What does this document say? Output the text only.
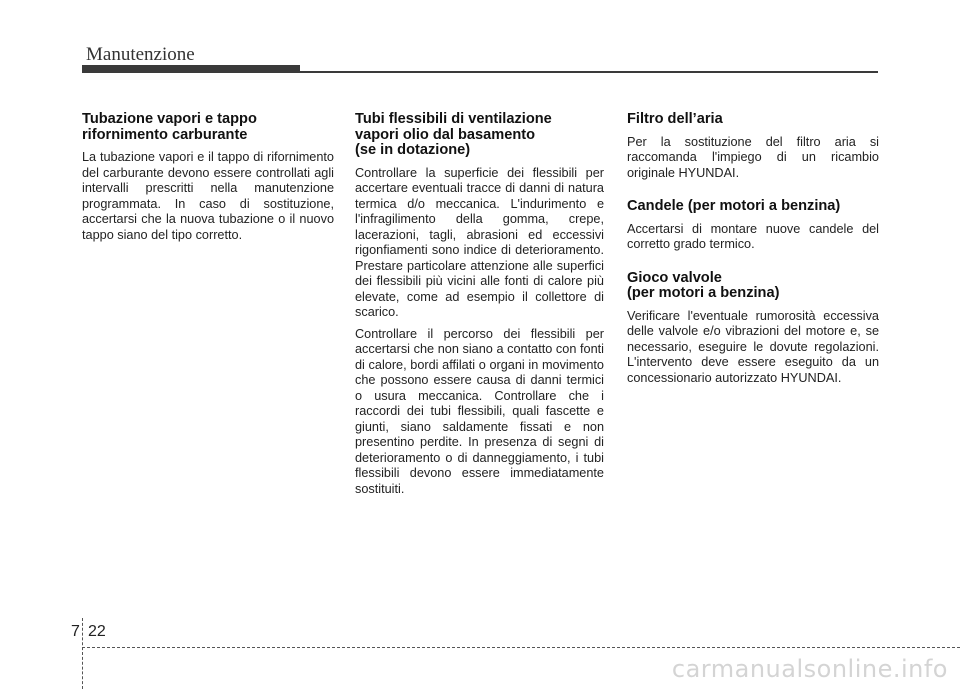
Manutenzione
Tubazione vapori e tappo
rifornimento carburante

La tubazione vapori e il tappo di rifornimento del carburante devono essere controllati agli intervalli prescritti nella manutenzione programmata. In caso di sostituzione, accertarsi che la nuova tubazione o il nuovo tappo siano del tipo corretto.

Tubi flessibili di ventilazione
vapori olio dal basamento
(se in dotazione)

Controllare la superficie dei flessibili per accertare eventuali tracce di danni di natura termica d/o meccanica. L'indurimento e l'infragilimento della gomma, crepe, lacerazioni, tagli, abrasioni ed eccessivi rigonfiamenti sono indice di deterioramento. Prestare particolare attenzione alle superfici dei flessibili più vicini alle fonti di calore più elevate, come ad esempio il collettore di scarico.

Controllare il percorso dei flessibili per accertarsi che non siano a contatto con fonti di calore, bordi affilati o organi in movimento che possono essere causa di danni termici o usura meccanica. Controllare che i raccordi dei tubi flessibili, quali fascette e giunti, siano saldamente fissati e non presentino perdite. In presenza di segni di deterioramento o di danneggiamento, i tubi flessibili devono essere immediatamente sostituiti.

Filtro dell’aria

Per la sostituzione del filtro aria si raccomanda l'impiego di un ricambio originale HYUNDAI.

Candele (per motori a benzina)

Accertarsi di montare nuove candele del corretto grado termico.

Gioco valvole
(per motori a benzina)

Verificare l'eventuale rumorosità eccessiva delle valvole e/o vibrazioni del motore e, se necessario, eseguire le dovute regolazioni. L'intervento deve essere eseguito da un concessionario autorizzato HYUNDAI.

7 22
carmanualsonline.info
